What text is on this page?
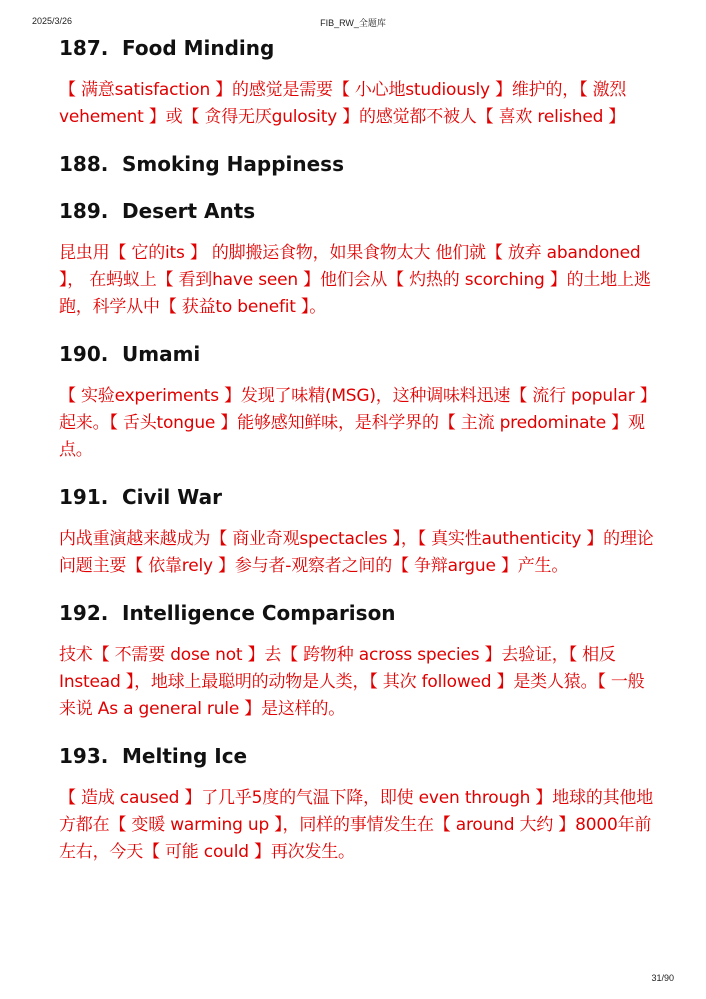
2025/3/26	FIB_RW_全题库
187. Food Minding

【 满意satisfaction 】的感觉是需要【 小心地studiously 】维护的，【 激烈vehement 】或【 贪得无厌gulosity 】的感觉都不被人【 喜欢 relished 】

188. Smoking Happiness
189. Desert Ants

昆虫用【 它的its 】 的脚搬运食物，如果食物太大 他们就【 放弃 abandoned 】， 在蚂蚁上【 看到have seen 】他们会从【 灼热的 scorching 】的土地上逃跑，科学从中【 获益to benefit 】。

190. Umami

【 实验experiments 】发现了味精(MSG)，这种调味料迅速【 流行 popular 】起来。【 舌头tongue 】能够感知鲜味，是科学界的【 主流 predominate 】观点。

191. Civil War

内战重演越来越成为【 商业奇观spectacles 】，【 真实性authenticity 】的理论问题主要【 依靠rely 】参与者-观察者之间的【 争辩argue 】产生。

192. Intelligence Comparison

技术【 不需要 dose not 】去【 跨物种 across species 】去验证，【 相反 Instead 】，地球上最聪明的动物是人类，【 其次 followed 】是类人猿。【 一般来说 As a general rule 】是这样的。

193. Melting Ice

【 造成 caused 】了几乎5度的气温下降，即使 even through 】地球的其他地方都在【 变暖 warming up 】，同样的事情发生在【 around 大约 】8000年前左右，今天【 可能 could 】再次发生。

31/90
